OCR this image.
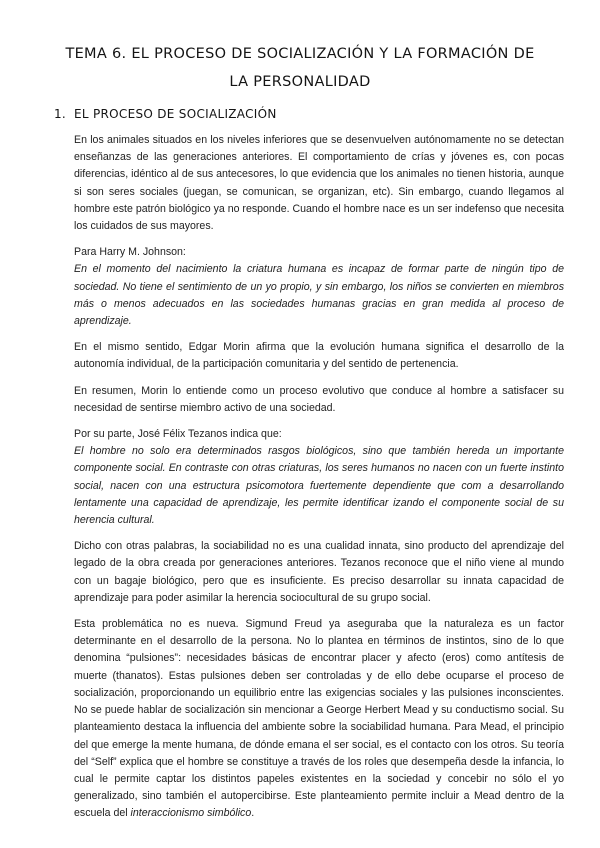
TEMA 6. EL PROCESO DE SOCIALIZACIÓN Y LA FORMACIÓN DE LA PERSONALIDAD
1. EL PROCESO DE SOCIALIZACIÓN

En los animales situados en los niveles inferiores que se desenvuelven autónomamente no se detectan enseñanzas de las generaciones anteriores. El comportamiento de crías y jóvenes es, con pocas diferencias, idéntico al de sus antecesores, lo que evidencia que los animales no tienen historia, aunque si son seres sociales (juegan, se comunican, se organizan, etc). Sin embargo, cuando llegamos al hombre este patrón biológico ya no responde. Cuando el hombre nace es un ser indefenso que necesita los cuidados de sus mayores.

Para Harry M. Johnson:

En el momento del nacimiento la criatura humana es incapaz de formar parte de ningún tipo de sociedad. No tiene el sentimiento de un yo propio, y sin embargo, los niños se convierten en miembros más o menos adecuados en las sociedades humanas gracias en gran medida al proceso de aprendizaje.

En el mismo sentido, Edgar Morin afirma que la evolución humana significa el desarrollo de la autonomía individual, de la participación comunitaria y del sentido de pertenencia.

En resumen, Morin lo entiende como un proceso evolutivo que conduce al hombre a satisfacer su necesidad de sentirse miembro activo de una sociedad.

Por su parte, José Félix Tezanos indica que:

El hombre no solo era determinados rasgos biológicos, sino que también hereda un importante componente social. En contraste con otras criaturas, los seres humanos no nacen con un fuerte instinto social, nacen con una estructura psicomotora fuertemente dependiente que com a desarrollando lentamente una capacidad de aprendizaje, les permite identificar izando el componente social de su herencia cultural.

Dicho con otras palabras, la sociabilidad no es una cualidad innata, sino producto del aprendizaje del legado de la obra creada por generaciones anteriores. Tezanos reconoce que el niño viene al mundo con un bagaje biológico, pero que es insuficiente. Es preciso desarrollar su innata capacidad de aprendizaje para poder asimilar la herencia sociocultural de su grupo social.

Esta problemática no es nueva. Sigmund Freud ya aseguraba que la naturaleza es un factor determinante en el desarrollo de la persona. No lo plantea en términos de instintos, sino de lo que denomina “pulsiones”: necesidades básicas de encontrar placer y afecto (eros) como antítesis de muerte (thanatos). Estas pulsiones deben ser controladas y de ello debe ocuparse el proceso de socialización, proporcionando un equilibrio entre las exigencias sociales y las pulsiones inconscientes. No se puede hablar de socialización sin mencionar a George Herbert Mead y su conductismo social. Su planteamiento destaca la influencia del ambiente sobre la sociabilidad humana. Para Mead, el principio del que emerge la mente humana, de dónde emana el ser social, es el contacto con los otros. Su teoría del “Self” explica que el hombre se constituye a través de los roles que desempeña desde la infancia, lo cual le permite captar los distintos papeles existentes en la sociedad y concebir no sólo el yo generalizado, sino también el autopercibirse. Este planteamiento permite incluir a Mead dentro de la escuela del interaccionismo simbólico.
